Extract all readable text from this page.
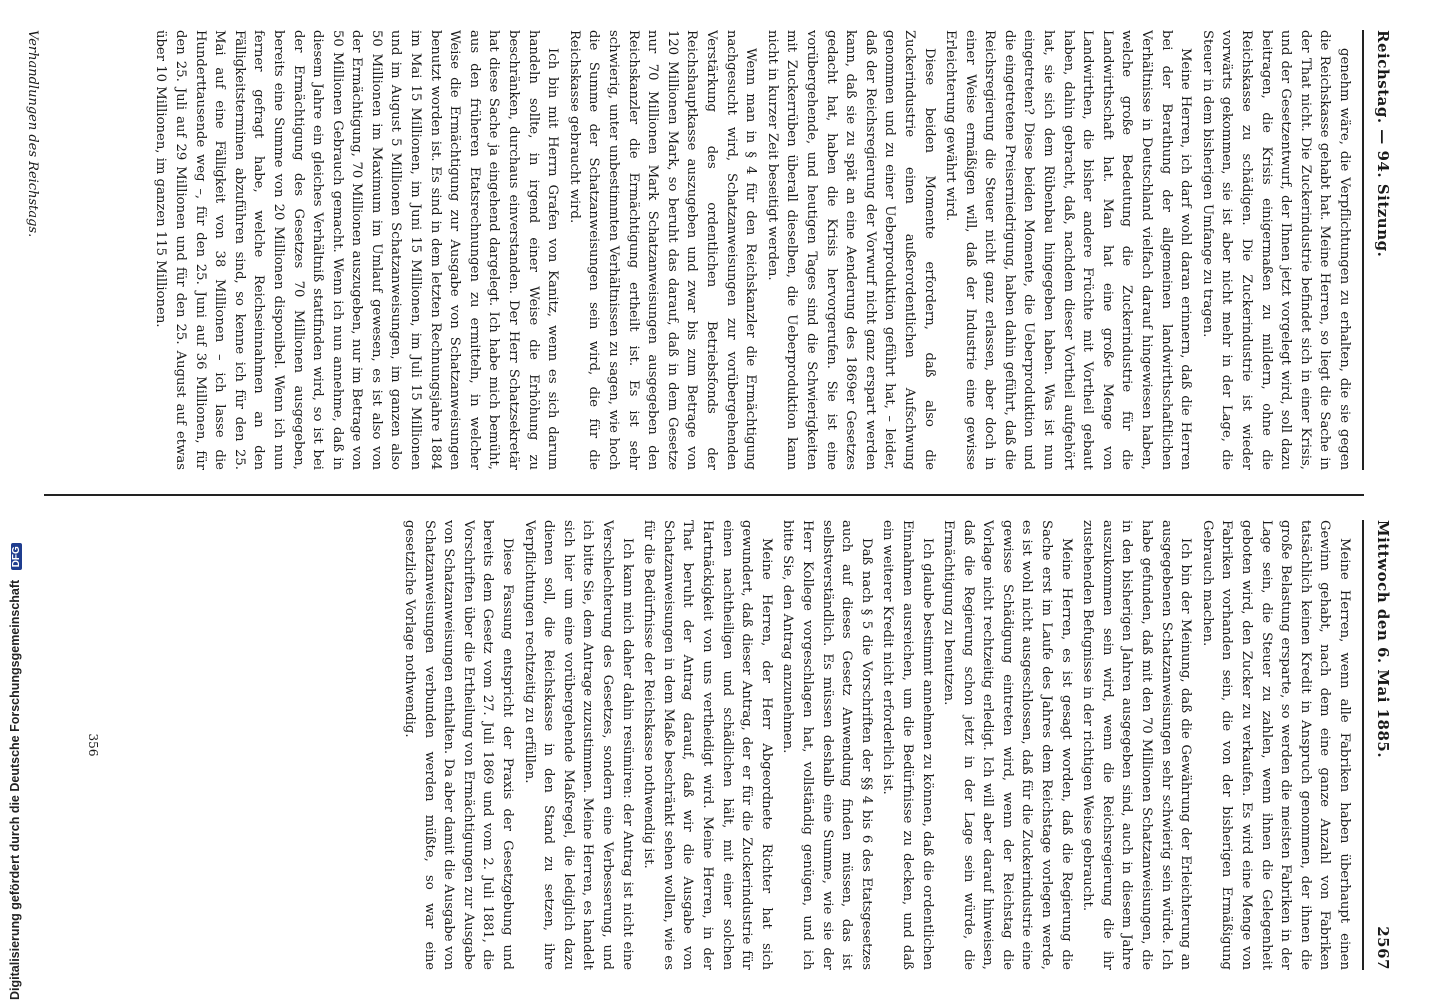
Reichstag. — 94. Sitzung.
Mittwoch den 6. Mai 1885.
2567

genehm wäre, die Verpflichtungen zu erhalten, die sie gegen die Reichskasse gehabt hat. Meine Herren, so liegt die Sache in der That nicht. Die Zuckerindustrie befindet sich in einer Krisis, und der Gesetzentwurf, der Ihnen jetzt vorgelegt wird, soll dazu beitragen, die Krisis einigermaßen zu mildern, ohne die Reichskasse zu schädigen. Die Zuckerindustrie ist wieder vorwärts gekommen, sie ist aber nicht mehr in der Lage, die Steuer in dem bisherigen Umfange zu tragen.

Meine Herren, ich darf wohl daran erinnern, daß die Herren bei der Berathung der allgemeinen landwirthschaftlichen Verhältnisse in Deutschland vielfach darauf hingewiesen haben, welche große Bedeutung die Zuckerindustrie für die Landwirthschaft hat. Man hat eine große Menge von Landwirthen, die bisher andere Früchte mit Vortheil gebaut haben, dahin gebracht, daß, nachdem dieser Vortheil aufgehört hat, sie sich dem Rübenbau hingegeben haben. Was ist nun eingetreten? Diese beiden Momente, die Ueberproduktion und die eingetretene Preiserniedrigung, haben dahin geführt, daß die Reichsregierung die Steuer nicht ganz erlassen, aber doch in einer Weise ermäßigen will, daß der Industrie eine gewisse Erleichterung gewährt wird.

Diese beiden Momente erfordern, daß also die Zuckerindustrie einen außerordentlichen Aufschwung genommen und zu einer Ueberproduktion geführt hat, – leider, daß der Reichsregierung der Vorwurf nicht ganz erspart werden kann, daß sie zu spät an eine Aenderung des 1869er Gesetzes gedacht hat, haben die Krisis hervorgerufen. Sie ist eine vorübergehende, und heutigen Tages sind die Schwierigkeiten mit Zuckerrüben überall dieselben, die Ueberproduktion kann nicht in kurzer Zeit beseitigt werden.

Wenn man in § 4 für den Reichskanzler die Ermächtigung nachgesucht wird, Schatzanweisungen zur vorübergehenden Verstärkung des ordentlichen Betriebsfonds der Reichshauptkasse auszugeben und zwar bis zum Betrage von 120 Millionen Mark, so beruht das darauf, daß in dem Gesetze nur 70 Millionen Mark Schatzanweisungen ausgegeben den Reichskanzler die Ermächtigung ertheilt ist. Es ist sehr schwierig, unter unbestimmten Verhältnissen zu sagen, wie hoch die Summe der Schatzanweisungen sein wird, die für die Reichskasse gebraucht wird.

Ich bin mit Herrn Grafen von Kanitz, wenn es sich darum handeln sollte, in irgend einer Weise die Erhöhung zu beschränken, durchaus einverstanden. Der Herr Schatzsekretär hat diese Sache ja eingehend dargelegt. Ich habe mich bemüht, aus den früheren Etatsrechnungen zu ermitteln, in welcher Weise die Ermächtigung zur Ausgabe von Schatzanweisungen benutzt worden ist. Es sind in dem letzten Rechnungsjahre 1884 im Mai 15 Millionen, im Juni 15 Millionen, im Juli 15 Millionen und im August 5 Millionen Schatzanweisungen, im ganzen also 50 Millionen im Maximum im Umlauf gewesen, es ist also von der Ermächtigung, 70 Millionen auszugeben, nur im Betrage von 50 Millionen Gebrauch gemacht. Wenn ich nun annehme, daß in diesem Jahre ein gleiches Verhältniß stattfinden wird, so ist bei der Ermächtigung des Gesetzes 70 Millionen ausgegeben, bereits eine Summe von 20 Millionen disponibel. Wenn ich nun ferner gefragt habe, welche Reichseinnahmen an den Fälligkeitsterminen abzuführen sind, so kenne ich für den 25. Mai auf eine Fälligkeit von 38 Millionen – ich lasse die Hunderttausende weg –, für den 25. Juni auf 36 Millionen, für den 25. Juli auf 29 Millionen und für den 25. August auf etwas über 10 Millionen, im ganzen 115 Millionen.

Meine Herren, wenn alle Fabriken haben überhaupt einen Gewinn gehabt, nach dem eine ganze Anzahl von Fabriken tatsächlich keinen Kredit in Anspruch genommen, der ihnen die große Belastung ersparte, so werden die meisten Fabriken in der Lage sein, die Steuer zu zahlen, wenn ihnen die Gelegenheit geboten wird, den Zucker zu verkaufen. Es wird eine Menge von Fabriken vorhanden sein, die von der bisherigen Ermäßigung Gebrauch machen.

Ich bin der Meinung, daß die Gewährung der Erleichterung an ausgegebenen Schatzanweisungen sehr schwierig sein würde. Ich habe gefunden, daß mit den 70 Millionen Schatzanweisungen, die in den bisherigen Jahren ausgegeben sind, auch in diesem Jahre auszukommen sein wird, wenn die Reichsregierung die ihr zustehenden Befugnisse in der richtigen Weise gebraucht.

Meine Herren, es ist gesagt worden, daß die Regierung die Sache erst im Laufe des Jahres dem Reichstage vorlegen werde, es ist wohl nicht ausgeschlossen, daß für die Zuckerindustrie eine gewisse Schädigung eintreten wird, wenn der Reichstag die Vorlage nicht rechtzeitig erledigt. Ich will aber darauf hinweisen, daß die Regierung schon jetzt in der Lage sein würde, die Ermächtigung zu benutzen.

Ich glaube bestimmt annehmen zu können, daß die ordentlichen Einnahmen ausreichen, um die Bedürfnisse zu decken, und daß ein weiterer Kredit nicht erforderlich ist.

Daß nach § 5 die Vorschriften der §§ 4 bis 6 des Etatsgesetzes auch auf dieses Gesetz Anwendung finden müssen, das ist selbstverständlich. Es müssen deshalb eine Summe, wie sie der Herr Kollege vorgeschlagen hat, vollständig genügen, und ich bitte Sie, den Antrag anzunehmen.

Meine Herren, der Herr Abgeordnete Richter hat sich gewundert, daß dieser Antrag, der er für die Zuckerindustrie für einen nachtheiligen und schädlichen hält, mit einer solchen Hartnäckigkeit von uns vertheidigt wird. Meine Herren, in der That beruht der Antrag darauf, daß wir die Ausgabe von Schatzanweisungen in dem Maße beschränkt sehen wollen, wie es für die Bedürfnisse der Reichskasse nothwendig ist.

Ich kann mich daher dahin resümiren: der Antrag ist nicht eine Verschlechterung des Gesetzes, sondern eine Verbesserung, und ich bitte Sie, dem Antrage zuzustimmen. Meine Herren, es handelt sich hier um eine vorübergehende Maßregel, die lediglich dazu dienen soll, die Reichskasse in den Stand zu setzen, ihre Verpflichtungen rechtzeitig zu erfüllen.

Diese Fassung entspricht der Praxis der Gesetzgebung und bereits dem Gesetz vom 27. Juli 1869 und vom 2. Juli 1881, die Vorschriften über die Ertheilung von Ermächtigungen zur Ausgabe von Schatzanweisungen enthalten. Da aber damit die Ausgabe von Schatzanweisungen verbunden werden müßte, so war eine gesetzliche Vorlage nothwendig.

Verhandlungen des Reichstags.
356
Digitalisierung gefördert durch die Deutsche Forschungsgemeinschaft DFG
